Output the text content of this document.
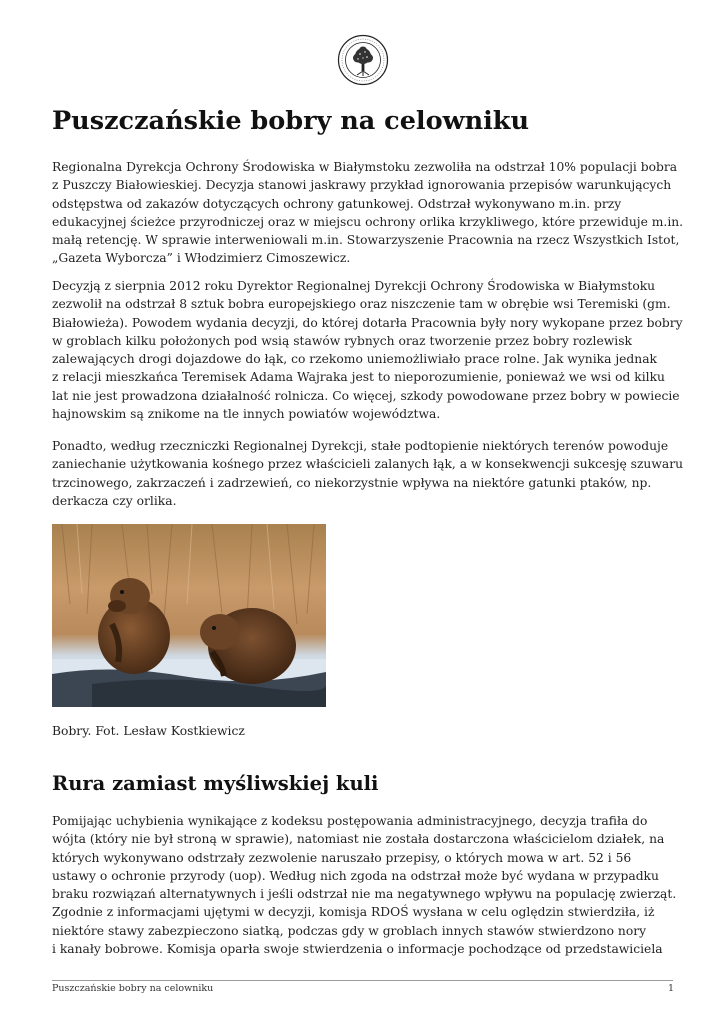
Puszczańskie bobry na celowniku
Regionalna Dyrekcja Ochrony Środowiska w Białymstoku zezwoliła na odstrzał 10% populacji bobra
z Puszczy Białowieskiej. Decyzja stanowi jaskrawy przykład ignorowania przepisów warunkujących
odstępstwa od zakazów dotyczących ochrony gatunkowej. Odstrzał wykonywano m.in. przy
edukacyjnej ścieżce przyrodniczej oraz w miejscu ochrony orlika krzykliwego, które przewiduje m.in.
małą retencję. W sprawie interweniowali m.in. Stowarzyszenie Pracownia na rzecz Wszystkich Istot,
„Gazeta Wyborcza” i Włodzimierz Cimoszewicz.
Decyzją z sierpnia 2012 roku Dyrektor Regionalnej Dyrekcji Ochrony Środowiska w Białymstoku
zezwolił na odstrzał 8 sztuk bobra europejskiego oraz niszczenie tam w obrębie wsi Teremiski (gm.
Białowieża). Powodem wydania decyzji, do której dotarła Pracownia były nory wykopane przez bobry
w groblach kilku położonych pod wsią stawów rybnych oraz tworzenie przez bobry rozlewisk
zalewających drogi dojazdowe do łąk, co rzekomo uniemożliwiało prace rolne. Jak wynika jednak
z relacji mieszkańca Teremisek Adama Wajraka jest to nieporozumienie, ponieważ we wsi od kilku
lat nie jest prowadzona działalność rolnicza. Co więcej, szkody powodowane przez bobry w powiecie
hajnowskim są znikome na tle innych powiatów województwa.
Ponadto, według rzeczniczki Regionalnej Dyrekcji, stałe podtopienie niektórych terenów powoduje
zaniechanie użytkowania kośnego przez właścicieli zalanych łąk, a w konsekwencji sukcesję szuwaru
trzcinowego, zakrzaczeń i zadrzewień, co niekorzystnie wpływa na niektóre gatunki ptaków, np.
derkacza czy orlika.
Bobry. Fot. Lesław Kostkiewicz
Rura zamiast myśliwskiej kuli
Pomijając uchybienia wynikające z kodeksu postępowania administracyjnego, decyzja trafiła do
wójta (który nie był stroną w sprawie), natomiast nie została dostarczona właścicielom działek, na
których wykonywano odstrzały zezwolenie naruszało przepisy, o których mowa w art. 52 i 56
ustawy o ochronie przyrody (uop). Według nich zgoda na odstrzał może być wydana w przypadku
braku rozwiązań alternatywnych i jeśli odstrzał nie ma negatywnego wpływu na populację zwierząt.
Zgodnie z informacjami ujętymi w decyzji, komisja RDOŚ wysłana w celu oględzin stwierdziła, iż
niektóre stawy zabezpieczono siatką, podczas gdy w groblach innych stawów stwierdzono nory
i kanały bobrowe. Komisja oparła swoje stwierdzenia o informacje pochodzące od przedstawiciela
Puszczańskie bobry na celowniku	1
